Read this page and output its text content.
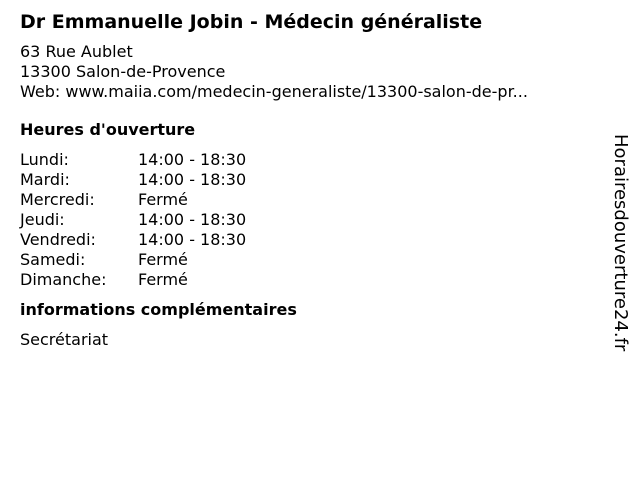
Dr Emmanuelle Jobin - Médecin généraliste
63 Rue Aublet
13300 Salon-de-Provence
Web: www.maiia.com/medecin-generaliste/13300-salon-de-pr...
Heures d'ouverture
Lundi:	14:00 - 18:30
Mardi:	14:00 - 18:30
Mercredi:	Fermé
Jeudi:	14:00 - 18:30
Vendredi:	14:00 - 18:30
Samedi:	Fermé
Dimanche:	Fermé
informations complémentaires
Secrétariat	Horairesdouverture24.fr
